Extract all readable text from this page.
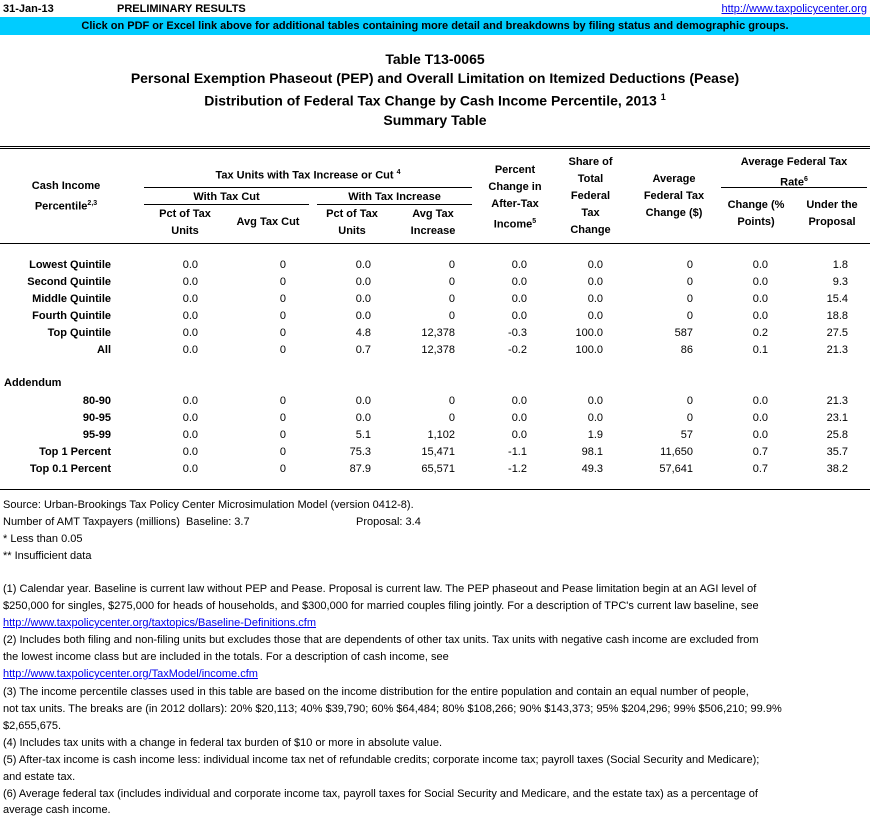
31-Jan-13	PRELIMINARY RESULTS	http://www.taxpolicycenter.org
Click on PDF or Excel link above for additional tables containing more detail and breakdowns by filing status and demographic groups.
Table T13-0065
Personal Exemption Phaseout (PEP) and Overall Limitation on Itemized Deductions (Pease)
Distribution of Federal Tax Change by Cash Income Percentile, 2013 $^1$
Summary Table
Cash Income
Percentile$^{2,3}$
Tax Units with Tax Increase or Cut $^4$
With Tax Cut	With Tax Increase
Pct of Tax
Units
Avg Tax Cut
Pct of Tax
Units
Avg Tax
Increase
Percent
Change in
After-Tax
Income$^5$
Share of
Total
Federal
Tax
Change
Average
Federal Tax
Change ($)
Average Federal Tax
Rate$^6$
Change (%
Points)
Under the
Proposal
Lowest Quintile	0.0	0	0.0	0	0.0	0.0	0	0.0	1.8
Second Quintile	0.0	0	0.0	0	0.0	0.0	0	0.0	9.3
Middle Quintile	0.0	0	0.0	0	0.0	0.0	0	0.0	15.4
Fourth Quintile	0.0	0	0.0	0	0.0	0.0	0	0.0	18.8
Top Quintile	0.0	0	4.8	12,378	-0.3	100.0	587	0.2	27.5
All	0.0	0	0.7	12,378	-0.2	100.0	86	0.1	21.3
Addendum
80-90	0.0	0	0.0	0	0.0	0.0	0	0.0	21.3
90-95	0.0	0	0.0	0	0.0	0.0	0	0.0	23.1
95-99	0.0	0	5.1	1,102	0.0	1.9	57	0.0	25.8
Top 1 Percent	0.0	0	75.3	15,471	-1.1	98.1	11,650	0.7	35.7
Top 0.1 Percent	0.0	0	87.9	65,571	-1.2	49.3	57,641	0.7	38.2
Source: Urban-Brookings Tax Policy Center Microsimulation Model (version 0412-8).
Number of AMT Taxpayers (millions) Baseline: 3.7	Proposal: 3.4
* Less than 0.05
** Insufficient data
(1) Calendar year. Baseline is current law without PEP and Pease. Proposal is current law. The PEP phaseout and Pease limitation begin at an AGI level of
$250,000 for singles, $275,000 for heads of households, and $300,000 for married couples filing jointly. For a description of TPC's current law baseline, see
http://www.taxpolicycenter.org/taxtopics/Baseline-Definitions.cfm
(2) Includes both filing and non-filing units but excludes those that are dependents of other tax units. Tax units with negative cash income are excluded from
the lowest income class but are included in the totals. For a description of cash income, see
http://www.taxpolicycenter.org/TaxModel/income.cfm
(3) The income percentile classes used in this table are based on the income distribution for the entire population and contain an equal number of people,
not tax units. The breaks are (in 2012 dollars): 20% $20,113; 40% $39,790; 60% $64,484; 80% $108,266; 90% $143,373; 95% $204,296; 99% $506,210; 99.9%
$2,655,675.
(4) Includes tax units with a change in federal tax burden of $10 or more in absolute value.
(5) After-tax income is cash income less: individual income tax net of refundable credits; corporate income tax; payroll taxes (Social Security and Medicare);
and estate tax.
(6) Average federal tax (includes individual and corporate income tax, payroll taxes for Social Security and Medicare, and the estate tax) as a percentage of
average cash income.
